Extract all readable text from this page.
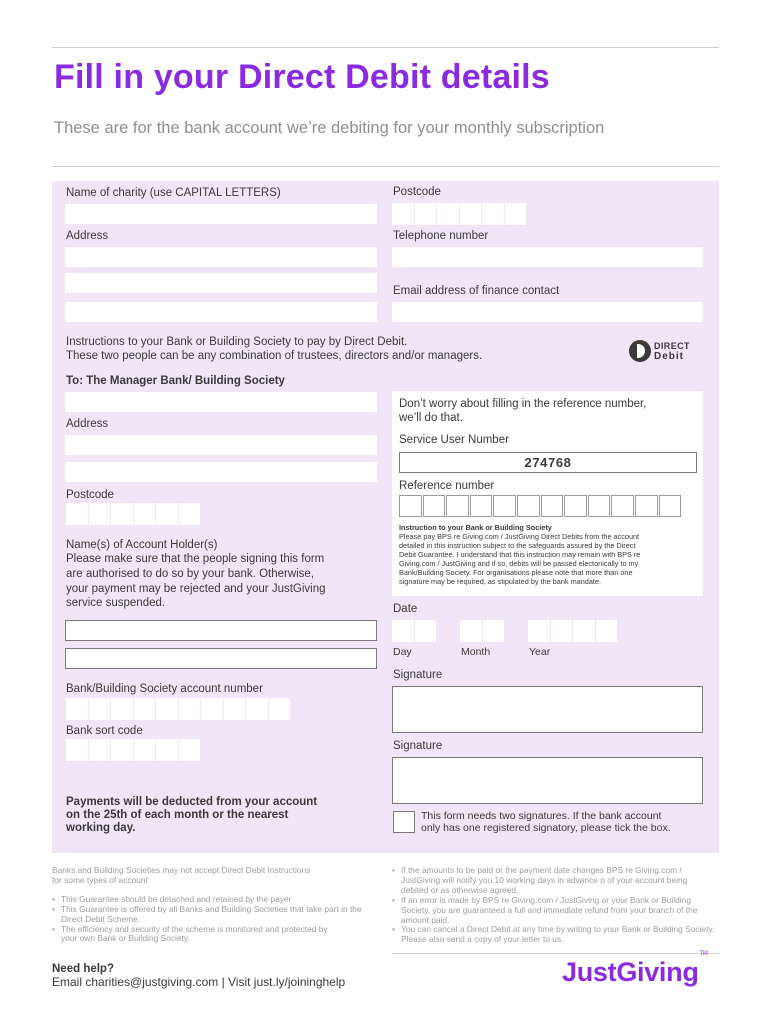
Fill in your Direct Debit details
These are for the bank account we’re debiting for your monthly subscription
Name of charity (use CAPITAL LETTERS)	Postcode
Address	Telephone number
Email address of finance contact
Instructions to your Bank or Building Society to pay by Direct Debit.
These two people can be any combination of trustees, directors and/or managers.
DIRECT
Debit
To: The Manager Bank/ Building Society
Address
Postcode
Name(s) of Account Holder(s)
Please make sure that the people signing this form
are authorised to do so by your bank. Otherwise,
your payment may be rejected and your JustGiving
service suspended.
Bank/Building Society account number
Bank sort code
Payments will be deducted from your account
on the 25th of each month or the nearest
working day.
Don’t worry about filling in the reference number,
we’ll do that.
Service User Number
274768
Reference number
Instruction to your Bank or Building Society
Please pay BPS re Giving.com / JustGiving Direct Debits from the account
detailed in this instruction subject to the safeguards assured by the Direct
Debit Guarantee. I understand that this instruction may remain with BPS re
Giving.com / JustGiving and if so, debits will be passed electonically to my
Bank/Building Society. For organisations please note that more than one
signature may be required, as stipulated by the bank mandate.
Date
Day	Month	Year
Signature
Signature
This form needs two signatures. If the bank account
only has one registered signatory, please tick the box.
Banks and Building Societies may not accept Direct Debit Instructions
for some types of account
• This Guarantee should be detached and retained by the payer
• This Guarantee is offered by all Banks and Building Societies that take part in the Direct Debit Scheme.
• The efficiency and security of the scheme is monitored and protected by your own Bank or Building Society.
• If the amounts to be paid or the payment date changes BPS re Giving.com / JustGiving will notify you 10 working days in advance o of your account being debited or as otherwise agreed.
• If an error is made by BPS re Giving.com / JustGiving or your Bank or Building Society, you are guaranteed a full and immediate refund from your branch of the amount paid.
• You can cancel a Direct Debit at any time by writing to your Bank or Building Society. Please also send a copy of your letter to us.
Need help?
Email charities@justgiving.com | Visit just.ly/joininghelp	JustGiving™
